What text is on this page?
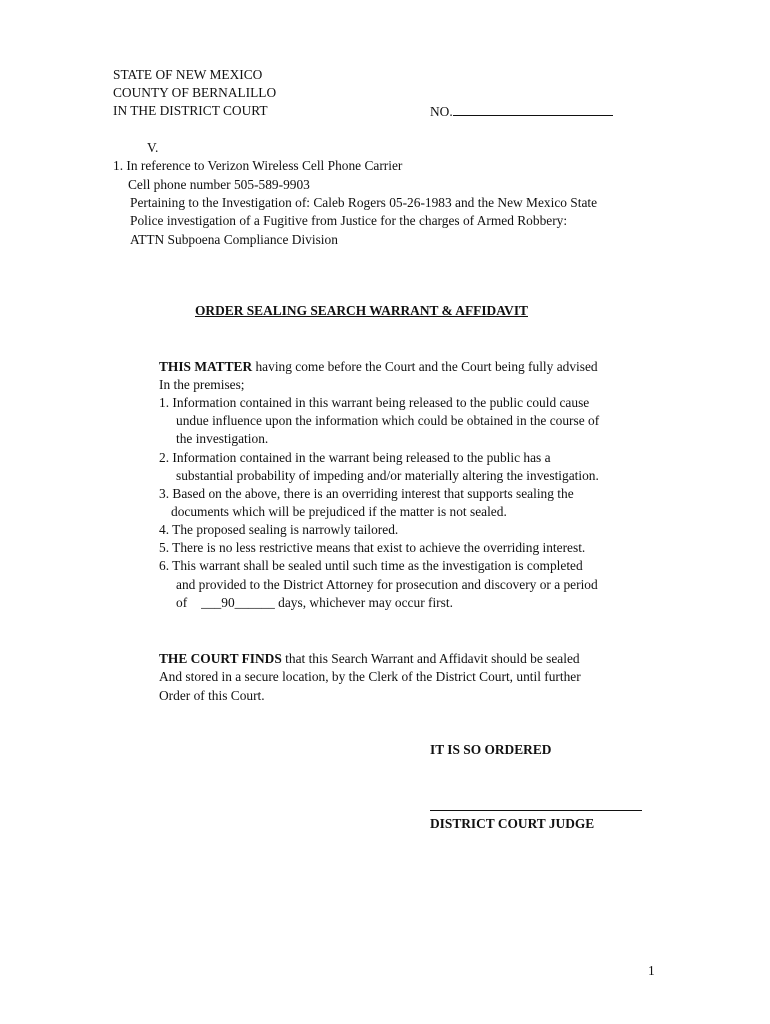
STATE OF NEW MEXICO
COUNTY OF BERNALILLO
IN THE DISTRICT COURT	NO.
V.
1. In reference to Verizon Wireless Cell Phone Carrier
Cell phone number 505-589-9903
Pertaining to the Investigation of: Caleb Rogers 05-26-1983 and the New Mexico State
Police investigation of a Fugitive from Justice for the charges of Armed Robbery:
ATTN Subpoena Compliance Division
ORDER SEALING SEARCH WARRANT & AFFIDAVIT
THIS MATTER having come before the Court and the Court being fully advised
In the premises;
1. Information contained in this warrant being released to the public could cause
undue influence upon the information which could be obtained in the course of
the investigation.
2. Information contained in the warrant being released to the public has a
substantial probability of impeding and/or materially altering the investigation.
3. Based on the above, there is an overriding interest that supports sealing the
documents which will be prejudiced if the matter is not sealed.
4. The proposed sealing is narrowly tailored.
5. There is no less restrictive means that exist to achieve the overriding interest.
6. This warrant shall be sealed until such time as the investigation is completed
and provided to the District Attorney for prosecution and discovery or a period
of ___90______ days, whichever may occur first.
THE COURT FINDS that this Search Warrant and Affidavit should be sealed
And stored in a secure location, by the Clerk of the District Court, until further
Order of this Court.
IT IS SO ORDERED
DISTRICT COURT JUDGE
1
